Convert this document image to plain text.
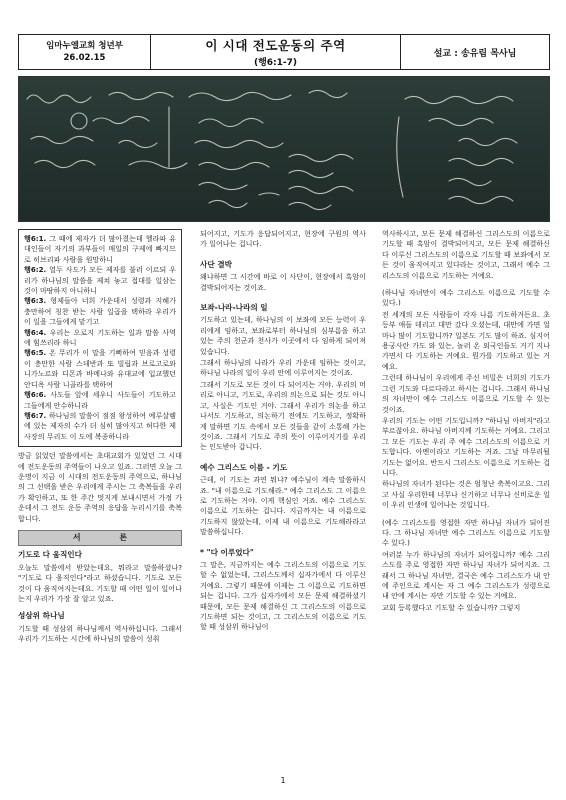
임마누엘교회 청년부
26.02.15
이 시대 전도운동의 주역
(행6:1-7)
설교 : 송유림 목사님

행6:1. 그 때에 제자가 더 많아졌는데 헬라파 유대인들이 자기의 과부들이 매일의 구제에 빠지므로 히브리파 사람을 원망하니

행6:2. 열두 사도가 모든 제자를 불러 이르되 우리가 하나님의 말씀을 제쳐 놓고 접대를 일삼는 것이 마땅하지 아니하니

행6:3. 형제들아 너희 가운데서 성령과 지혜가 충만하여 칭찬 받는 사람 일곱을 택하라 우리가 이 일을 그들에게 맡기고

행6:4. 우리는 오로지 기도하는 일과 말씀 사역에 힘쓰리라 하니

행6:5. 온 무리가 이 말을 기뻐하여 믿음과 성령이 충만한 사람 스데반과 또 빌립과 브로고로와 니가노르와 디몬과 바메나와 유대교에 입교했던 안디옥 사람 니골라를 택하여

행6:6. 사도들 앞에 세우니 사도들이 기도하고 그들에게 안수하니라

행6:7. 하나님의 말씀이 점점 왕성하여 예루살렘에 있는 제자의 수가 더 심히 많아지고 허다한 제사장의 무리도 이 도에 복종하니라

방금 읽었던 말씀에서는 초대교회가 있었던 그 시대에 전도운동의 주역들이 나오고 있죠. 그러면 오늘 그 운명이 지금 이 시대의 전도운동의 주역으로, 하나님의 그 선택을 받은 우리에게 주시는 그 축복들을 우리가 확인하고, 또 한 주간 멋지게 보내시면서 가정 가운데서 그 전도 운동 주역의 응답을 누리시기를 축복합니다.

서 론
기도로 다 움직인다

오늘도 말씀에서 받았는데요, 뭐라고 말씀하셨나? "기도로 다 움직인다"라고 하셨습니다. 기도로 모든 것이 다 움직여지는데요. 기도할 때 어떤 일이 일어나는지 우리가 가장 잘 알고 있죠.

성삼위 하나님

기도할 때 성삼위 하나님께서 역사하십니다. 그래서 우리가 기도하는 시간에 하나님의 말씀이 성취

되어지고, 기도가 응답되어지고, 현장에 구원의 역사가 일어나는 겁니다.

사단 결박

왜냐하면 그 시간에 바로 이 사단이, 현장에서 흑암이 결박되어지는 것이죠.

보좌-나라-나라의 일

기도하고 있는데, 하나님의 이 보좌에 모든 능력이 우리에게 임하고, 보좌로부터 하나님의 심부름을 하고 있는 주의 천군과 천사가 이곳에서 다 임하게 되어져 있습니다.

그래서 하나님의 나라가 우리 가운데 임하는 것이고, 하나님 나라의 일이 우리 안에 이루어지는 것이죠.

그래서 기도로 모든 것이 다 되어지는 거야. 우리의 머리로 아니고, 기도로, 우리의 의논으로 되는 것도 아니고, 사실은 기도인 거야. 그래서 우리가 의논을 하고 나서도 기도하고, 의논하기 전에도 기도하고, 정확하게 말하면 기도 속에서 모든 것들을 같이 소통해 가는 것이죠. 그래서 기도로 주의 뜻이 이루어지기를 우리는 인도받아 갑니다.

예수 그리스도 이름 - 기도

근데, 이 기도는 과연 뭐냐? 예수님이 계속 말씀하시죠. "내 이름으로 기도해라." 예수 그리스도 그 이름으로 기도하는 거야. 이게 핵심인 거죠. 예수 그리스도 이름으로 기도하는 겁니다. 지금까지는 내 이름으로 기도하지 않았는데, 이제 내 이름으로 기도해라라고 말씀하십니다.

* "다 이루었다"

그 말은, 지금까지는 예수 그리스도의 이름으로 기도할 수 없었는데, 그리스도께서 십자가에서 다 이루신 거예요. 그렇기 때문에 이제는 그 이름으로 기도하면 되는 겁니다. 그가 십자가에서 모든 문제 해결하셨기 때문에, 모든 문제 해결하신 그 그리스도의 이름으로 기도하면 되는 것이고, 그 그리스도의 이름으로 기도할 때 성삼위 하나님이

역사하시고, 모든 문제 해결하신 그리스도의 이름으로 기도할 때 흑암이 결박되어지고, 모든 문제 해결하신 다 이루신 그리스도의 이름으로 기도할 때 보좌에서 모든 것이 움직여지고 있다라는 것이고, 그래서 예수 그리스도의 이름으로 기도하는 거예요.

(하나님 자녀만이 예수 그리스도 이름으로 기도할 수 있다.)

전 세계의 모든 사람들이 각자 나름 기도하거든요. 초등부 애들 데리고 대만 갔다 오셨는데, 대만에 가면 얼마나 많이 기도합니까? 일본도 기도 많이 하죠. 심지어 용궁사란 가도 와 있는, 놀러 온 외국인들도 거기 지나가면서 다 기도하는 거예요. 뭔가를 기도하고 있는 거예요.

그런데 하나님이 우리에게 주신 비밀은 너희의 기도가 그런 기도와 다르다라고 하시는 겁니다. 그래서 하나님의 자녀만이 예수 그리스도 이름으로 기도할 수 있는 것이죠.

우리의 기도는 어떤 기도입니까? "하나님 아버지"라고 부르잖아요. 하나님 아버지께 기도하는 거예요. 그리고 그 모든 기도는 우리 주 예수 그리스도의 이름으로 기도합니다. 아멘이라고 기도하는 거죠. 그날 마무리될 기도는 없어요. 반드시 그리스도 이름으로 기도하는 겁니다.

하나님의 자녀가 된다는 것은 엄청난 축복이고요. 그리고 사실 우리한테 너무나 신기하고 너무나 신비로운 일이 우리 인생에 일어나는 것입니다.

(예수 그리스도를 영접한 자만 하나님 자녀가 되어진다. 그 하나님 자녀만 예수 그리스도 이름으로 기도할 수 있다.)

여러분 누가 하나님의 자녀가 되어집니까? 예수 그리스도를 주로 영접한 자만 하나님 자녀가 되어지죠. 그래서 그 하나님 자녀만, 결국은 예수 그리스도가 내 안에 주인으로 계시는 자 그 예수 그리스도가 성령으로 내 안에 계시는 자만 기도할 수 있는 거예요.

교회 등록했다고 기도할 수 있습니까? 그렇지

1
